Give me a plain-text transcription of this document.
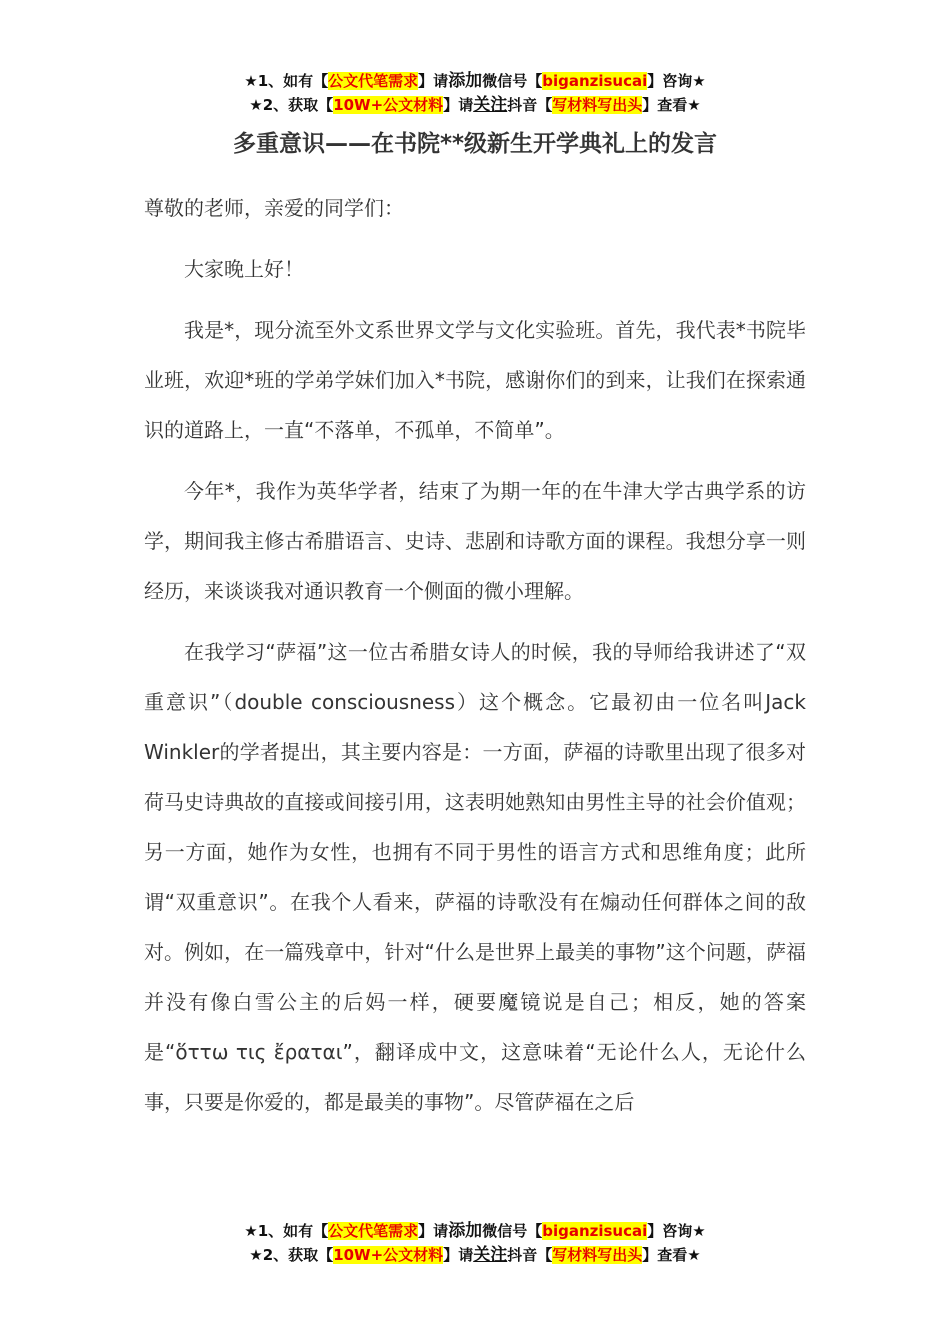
★1、如有【公文代笔需求】请添加微信号【biganzisucai】咨询★
★2、获取【10W+公文材料】请关注抖音【写材料写出头】查看★
多重意识——在书院**级新生开学典礼上的发言

尊敬的老师，亲爱的同学们：

大家晚上好！

我是*，现分流至外文系世界文学与文化实验班。首先，我代表*书院毕业班，欢迎*班的学弟学妹们加入*书院，感谢你们的到来，让我们在探索通识的道路上，一直“不落单，不孤单，不简单”。

今年*，我作为英华学者，结束了为期一年的在牛津大学古典学系的访学，期间我主修古希腊语言、史诗、悲剧和诗歌方面的课程。我想分享一则经历，来谈谈我对通识教育一个侧面的微小理解。

在我学习“萨福”这一位古希腊女诗人的时候，我的导师给我讲述了“双重意识”（double consciousness）这个概念。它最初由一位名叫Jack Winkler的学者提出，其主要内容是：一方面，萨福的诗歌里出现了很多对荷马史诗典故的直接或间接引用，这表明她熟知由男性主导的社会价值观；另一方面，她作为女性，也拥有不同于男性的语言方式和思维角度；此所谓“双重意识”。在我个人看来，萨福的诗歌没有在煽动任何群体之间的敌对。例如，在一篇残章中，针对“什么是世界上最美的事物”这个问题，萨福并没有像白雪公主的后妈一样，硬要魔镜说是自己；相反，她的答案是“ὅττω τις ἔραται”，翻译成中文，这意味着“无论什么人，无论什么事，只要是你爱的，都是最美的事物”。尽管萨福在之后

★1、如有【公文代笔需求】请添加微信号【biganzisucai】咨询★
★2、获取【10W+公文材料】请关注抖音【写材料写出头】查看★
